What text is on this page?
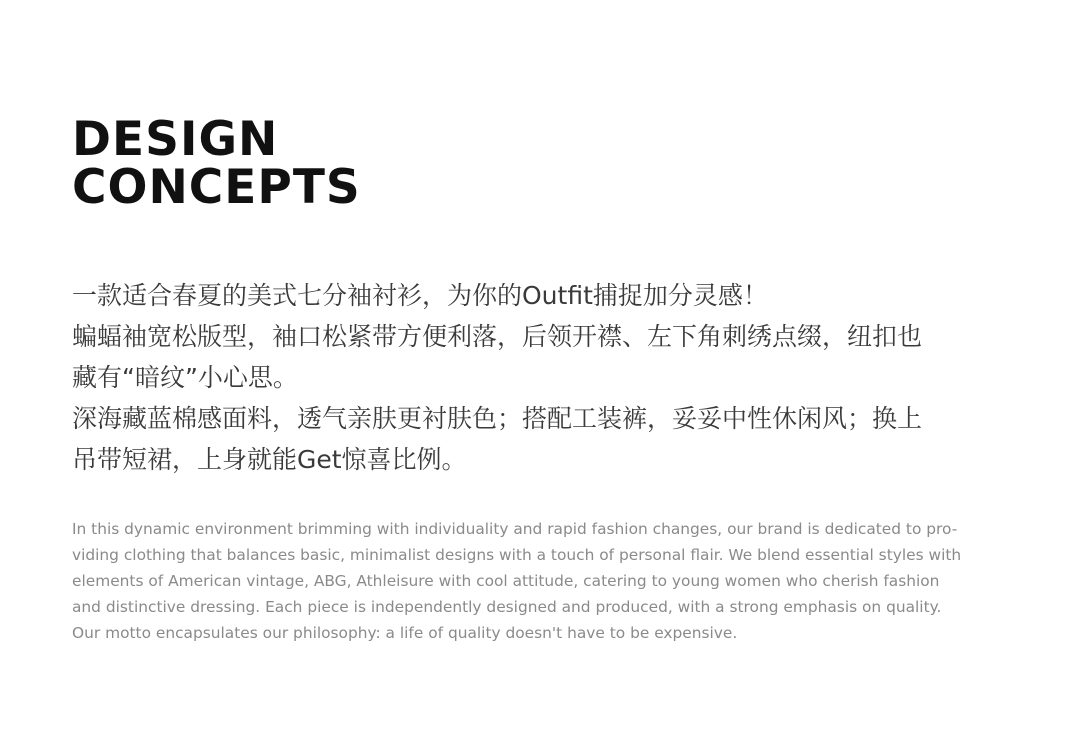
DESIGN
CONCEPTS
一款适合春夏的美式七分袖衬衫，为你的Outfit捕捉加分灵感！
蝙蝠袖宽松版型，袖口松紧带方便利落，后领开襟、左下角刺绣点缀，纽扣也
藏有“暗纹”小心思。
深海藏蓝棉感面料，透气亲肤更衬肤色；搭配工装裤，妥妥中性休闲风；换上
吊带短裙，上身就能Get惊喜比例。
In this dynamic environment brimming with individuality and rapid fashion changes, our brand is dedicated to pro-
viding clothing that balances basic, minimalist designs with a touch of personal flair. We blend essential styles with
elements of American vintage, ABG, Athleisure with cool attitude, catering to young women who cherish fashion
and distinctive dressing. Each piece is independently designed and produced, with a strong emphasis on quality.
Our motto encapsulates our philosophy: a life of quality doesn't have to be expensive.
